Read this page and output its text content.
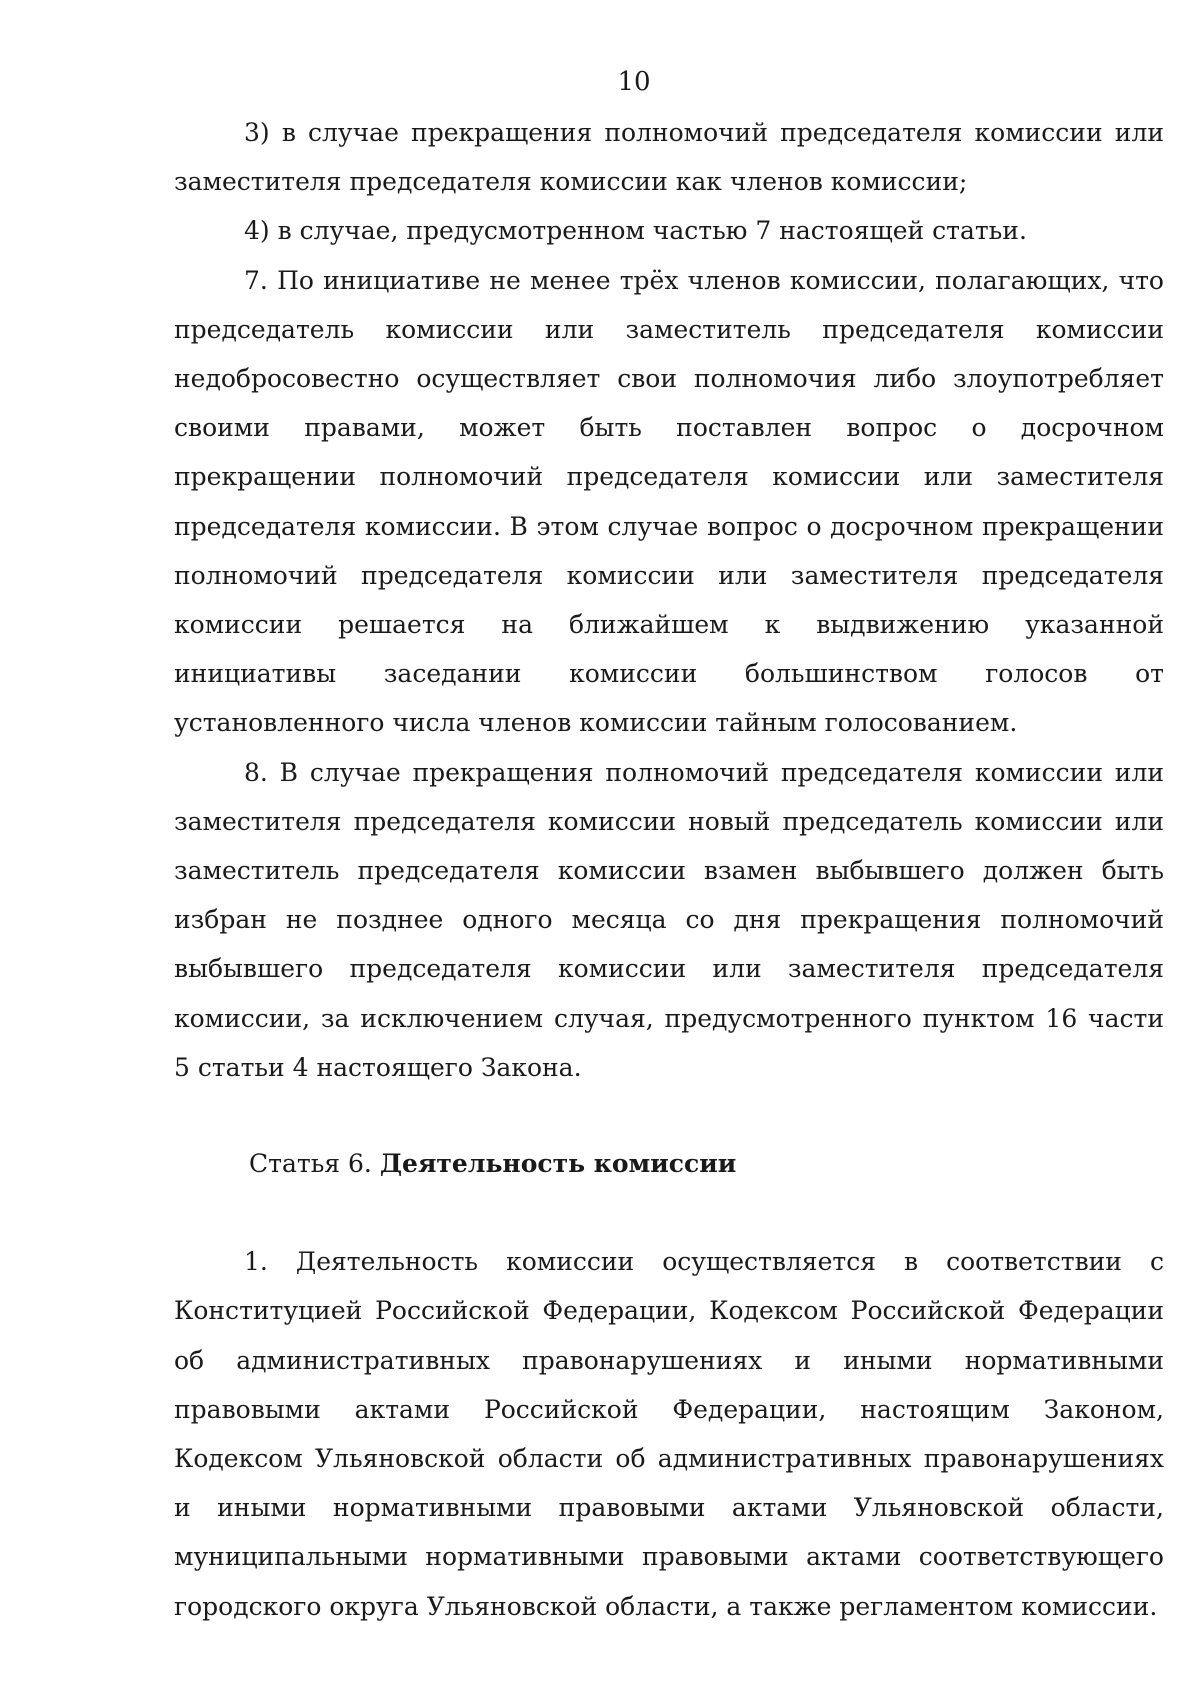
10

3) в случае прекращения полномочий председателя комиссии или заместителя председателя комиссии как членов комиссии;

4) в случае, предусмотренном частью 7 настоящей статьи.

7. По инициативе не менее трёх членов комиссии, полагающих, что председатель комиссии или заместитель председателя комиссии недобросовестно осуществляет свои полномочия либо злоупотребляет своими правами, может быть поставлен вопрос о досрочном прекращении полномочий председателя комиссии или заместителя председателя комиссии. В этом случае вопрос о досрочном прекращении полномочий председателя комиссии или заместителя председателя комиссии решается на ближайшем к выдвижению указанной инициативы заседании комиссии большинством голосов от установленного числа членов комиссии тайным голосованием.

8. В случае прекращения полномочий председателя комиссии или заместителя председателя комиссии новый председатель комиссии или заместитель председателя комиссии взамен выбывшего должен быть избран не позднее одного месяца со дня прекращения полномочий выбывшего председателя комиссии или заместителя председателя комиссии, за исключением случая, предусмотренного пунктом 16 части 5 статьи 4 настоящего Закона.

Статья 6. Деятельность комиссии

1. Деятельность комиссии осуществляется в соответствии с Конституцией Российской Федерации, Кодексом Российской Федерации об административных правонарушениях и иными нормативными правовыми актами Российской Федерации, настоящим Законом, Кодексом Ульяновской области об административных правонарушениях и иными нормативными правовыми актами Ульяновской области, муниципальными нормативными правовыми актами соответствующего городского округа Ульяновской области, а также регламентом комиссии.
